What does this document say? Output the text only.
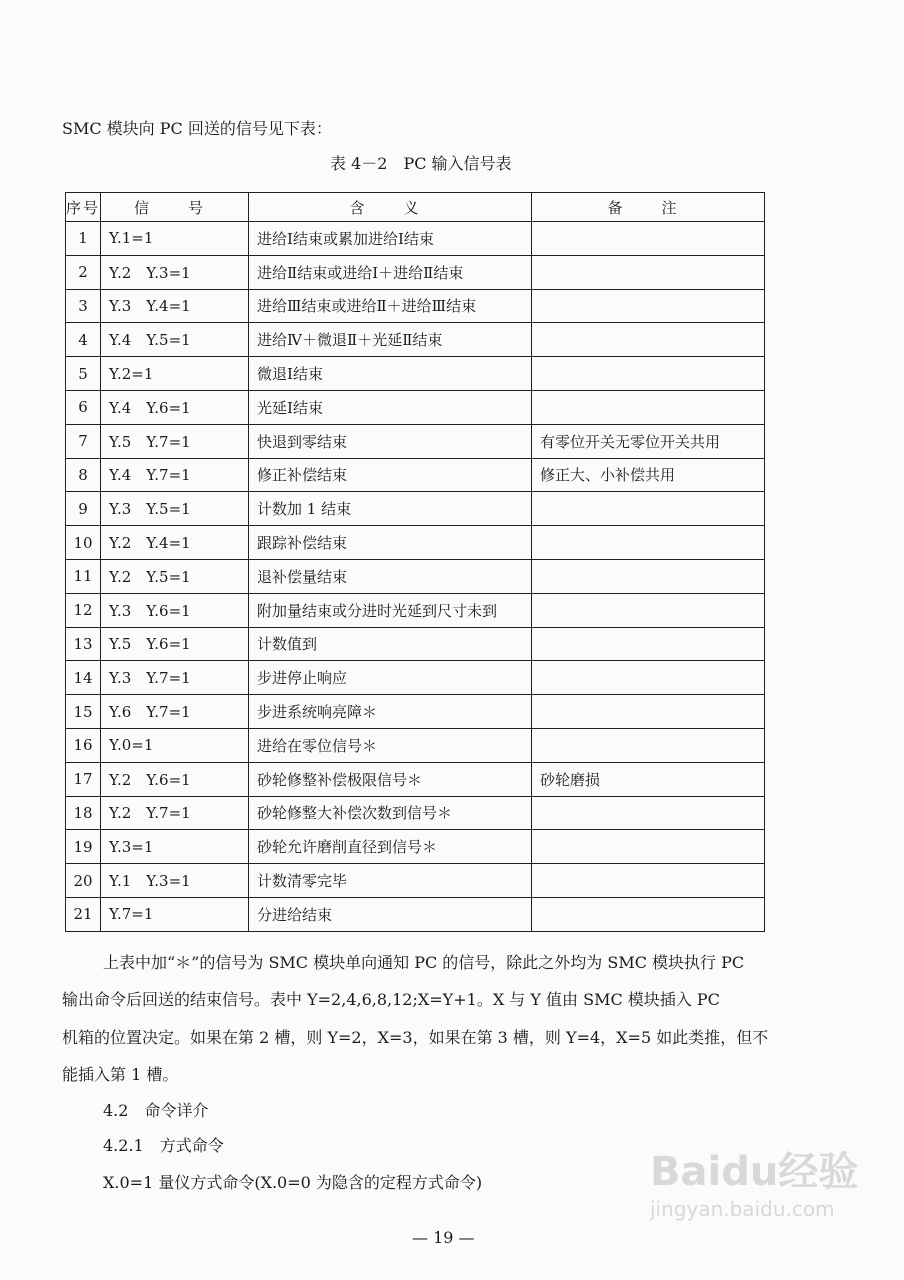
SMC 模块向 PC 回送的信号见下表：
表 4－2　PC 输入信号表
序号	信　号	含　义	备　注
1	Y.1=1	进给Ⅰ结束或累加进给Ⅰ结束	
2	Y.2　Y.3=1	进给Ⅱ结束或进给Ⅰ＋进给Ⅱ结束	
3	Y.3　Y.4=1	进给Ⅲ结束或进给Ⅱ＋进给Ⅲ结束	
4	Y.4　Y.5=1	进给Ⅳ＋微退Ⅱ＋光延Ⅱ结束	
5	Y.2=1	微退Ⅰ结束	
6	Y.4　Y.6=1	光延Ⅰ结束	
7	Y.5　Y.7=1	快退到零结束	有零位开关无零位开关共用
8	Y.4　Y.7=1	修正补偿结束	修正大、小补偿共用
9	Y.3　Y.5=1	计数加 1 结束	
10	Y.2　Y.4=1	跟踪补偿结束	
11	Y.2　Y.5=1	退补偿量结束	
12	Y.3　Y.6=1	附加量结束或分进时光延到尺寸未到	
13	Y.5　Y.6=1	计数值到	
14	Y.3　Y.7=1	步进停止响应	
15	Y.6　Y.7=1	步进系统响亮障＊	
16	Y.0=1	进给在零位信号＊	
17	Y.2　Y.6=1	砂轮修整补偿极限信号＊	砂轮磨损
18	Y.2　Y.7=1	砂轮修整大补偿次数到信号＊	
19	Y.3=1	砂轮允许磨削直径到信号＊	
20	Y.1　Y.3=1	计数清零完毕	
21	Y.7=1	分进给结束	
上表中加“＊”的信号为 SMC 模块单向通知 PC 的信号，除此之外均为 SMC 模块执行 PC
输出命令后回送的结束信号。表中 Y=2,4,6,8,12;X=Y+1。X 与 Y 值由 SMC 模块插入 PC
机箱的位置决定。如果在第 2 槽，则 Y=2，X=3，如果在第 3 槽，则 Y=4，X=5 如此类推，但不
能插入第 1 槽。
4.2　命令详介
4.2.1　方式命令
X.0=1 量仪方式命令(X.0=0 为隐含的定程方式命令)
— 19 —
Baidu经验
jingyan.baidu.com
